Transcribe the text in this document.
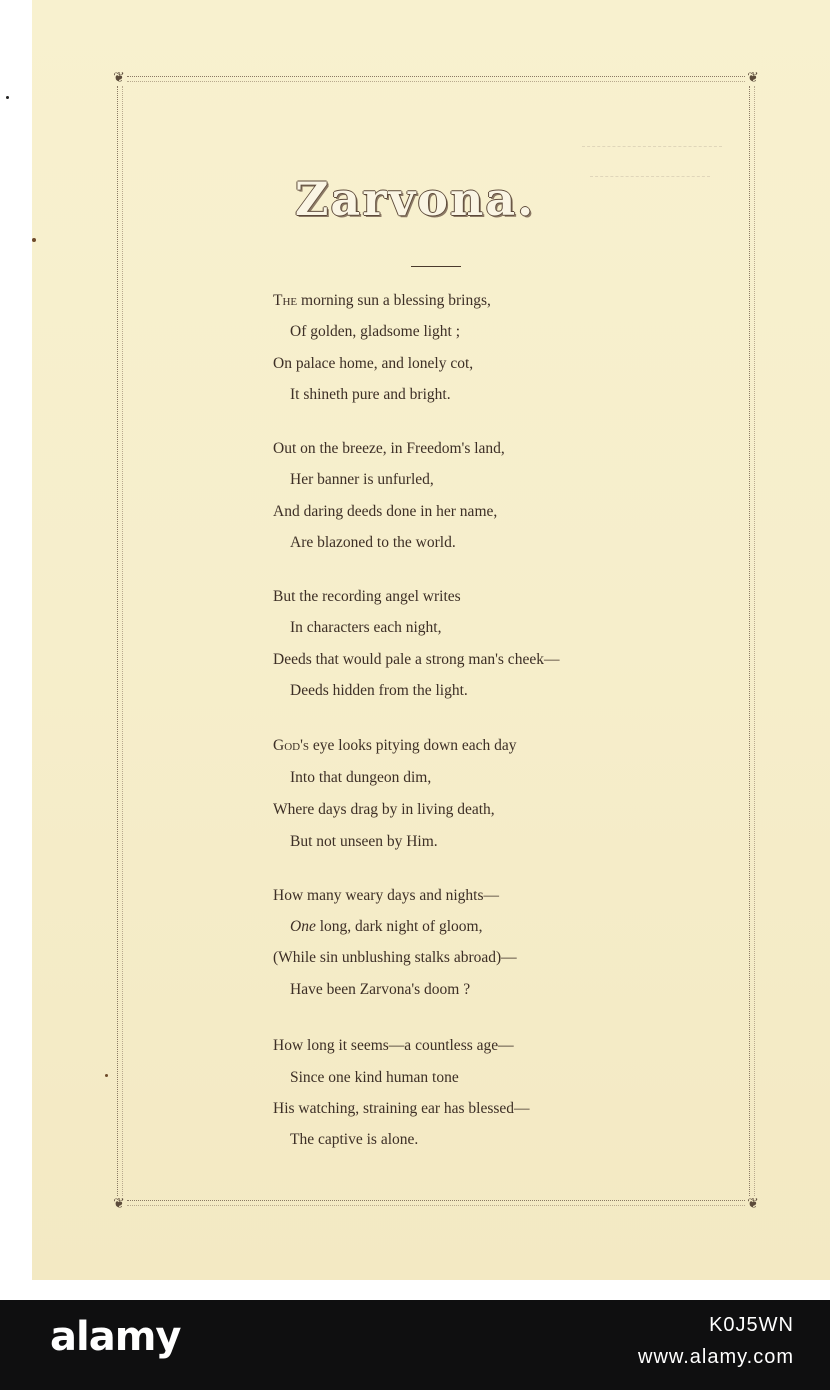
❦	❦
❦	❦
Zarvona.
The morning sun a blessing brings,
Of golden, gladsome light ;
On palace home, and lonely cot,
It shineth pure and bright.
Out on the breeze, in Freedom's land,
Her banner is unfurled,
And daring deeds done in her name,
Are blazoned to the world.
But the recording angel writes
In characters each night,
Deeds that would pale a strong man's cheek—
Deeds hidden from the light.
God's eye looks pitying down each day
Into that dungeon dim,
Where days drag by in living death,
But not unseen by Him.
How many weary days and nights—
One long, dark night of gloom,
(While sin unblushing stalks abroad)—
Have been Zarvona's doom ?
How long it seems—a countless age—
Since one kind human tone
His watching, straining ear has blessed—
The captive is alone.
alamy	K0J5WN
www.alamy.com
